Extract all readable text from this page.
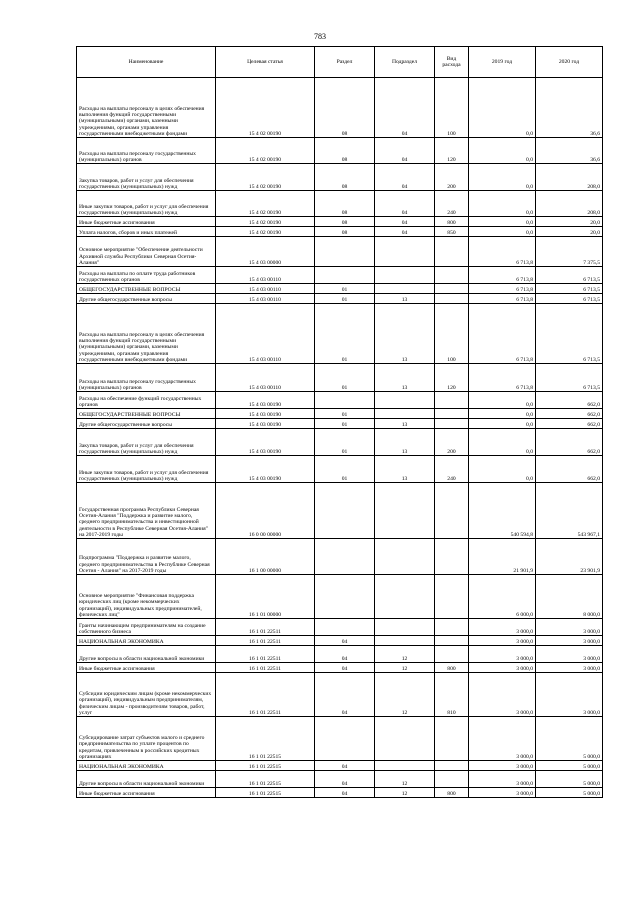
783
Наименование	Целевая статья	Раздел	Подраздел	Вид расхода	2019 год	2020 год
Расходы на выплаты персоналу в целях обеспечения выполнения функций государственными (муниципальными) органами, казенными учреждениями, органами управления государственными внебюджетными фондами	15 4 02 00190	08	04	100	0,0	36,6
Расходы на выплаты персоналу государственных (муниципальных) органов	15 4 02 00190	08	04	120	0,0	36,6
Закупка товаров, работ и услуг для обеспечения государственных (муниципальных) нужд	15 4 02 00190	08	04	200	0,0	208,0
Иные закупки товаров, работ и услуг для обеспечения государственных (муниципальных) нужд	15 4 02 00190	08	04	240	0,0	208,0
Иные бюджетные ассигнования	15 4 02 00190	08	04	800	0,0	20,0
Уплата налогов, сборов и иных платежей	15 4 02 00190	08	04	850	0,0	20,0
Основное мероприятие "Обеспечение деятельности Архивной службы Республики Северная Осетия-Алания"	15 4 03 00000				6 713,8	7 375,5
Расходы на выплаты по оплате труда работников государственных органов	15 4 03 00110				6 713,8	6 713,5
ОБЩЕГОСУДАРСТВЕННЫЕ ВОПРОСЫ	15 4 03 00110	01			6 713,8	6 713,5
Другие общегосударственные вопросы	15 4 03 00110	01	13		6 713,8	6 713,5
Расходы на выплаты персоналу в целях обеспечения выполнения функций государственными (муниципальными) органами, казенными учреждениями, органами управления государственными внебюджетными фондами	15 4 03 00110	01	13	100	6 713,8	6 713,5
Расходы на выплаты персоналу государственных (муниципальных) органов	15 4 03 00110	01	13	120	6 713,8	6 713,5
Расходы на обеспечение функций государственных органов	15 4 03 00190				0,0	662,0
ОБЩЕГОСУДАРСТВЕННЫЕ ВОПРОСЫ	15 4 03 00190	01			0,0	662,0
Другие общегосударственные вопросы	15 4 03 00190	01	13		0,0	662,0
Закупка товаров, работ и услуг для обеспечения государственных (муниципальных) нужд	15 4 03 00190	01	13	200	0,0	662,0
Иные закупки товаров, работ и услуг для обеспечения государственных (муниципальных) нужд	15 4 03 00190	01	13	240	0,0	662,0
Государственная программа Республики Северная Осетия-Алания "Поддержка и развитие малого, среднего предпринимательства и инвестиционной деятельности в Республике Северная Осетия-Алания" на 2017-2019 годы	16 0 00 00000				540 594,8	543 967,1
Подпрограмма "Поддержка и развитие малого, среднего предпринимательства в Республике Северная Осетия - Алания" на 2017-2019 годы	16 1 00 00000				21 901,9	23 901,9
Основное мероприятие "Финансовая поддержка юридических лиц (кроме некоммерческих организаций), индивидуальных предпринимателей, физических лиц"	16 1 01 00000				6 000,0	8 000,0
Гранты начинающим предпринимателям на создание собственного бизнеса	16 1 01 22511				3 000,0	3 000,0
НАЦИОНАЛЬНАЯ ЭКОНОМИКА	16 1 01 22511	04			3 000,0	3 000,0
Другие вопросы в области национальной экономики	16 1 01 22511	04	12		3 000,0	3 000,0
Иные бюджетные ассигнования	16 1 01 22511	04	12	800	3 000,0	3 000,0
Субсидии юридическим лицам (кроме некоммерческих организаций), индивидуальным предпринимателям, физическим лицам - производителям товаров, работ, услуг	16 1 01 22511	04	12	810	3 000,0	3 000,0
Субсидирование затрат субъектов малого и среднего предпринимательства по уплате процентов по кредитам, привлеченным в российских кредитных организациях	16 1 01 22515				3 000,0	5 000,0
НАЦИОНАЛЬНАЯ ЭКОНОМИКА	16 1 01 22515	04			3 000,0	5 000,0
Другие вопросы в области национальной экономики	16 1 01 22515	04	12		3 000,0	5 000,0
Иные бюджетные ассигнования	16 1 01 22515	04	12	800	3 000,0	5 000,0
